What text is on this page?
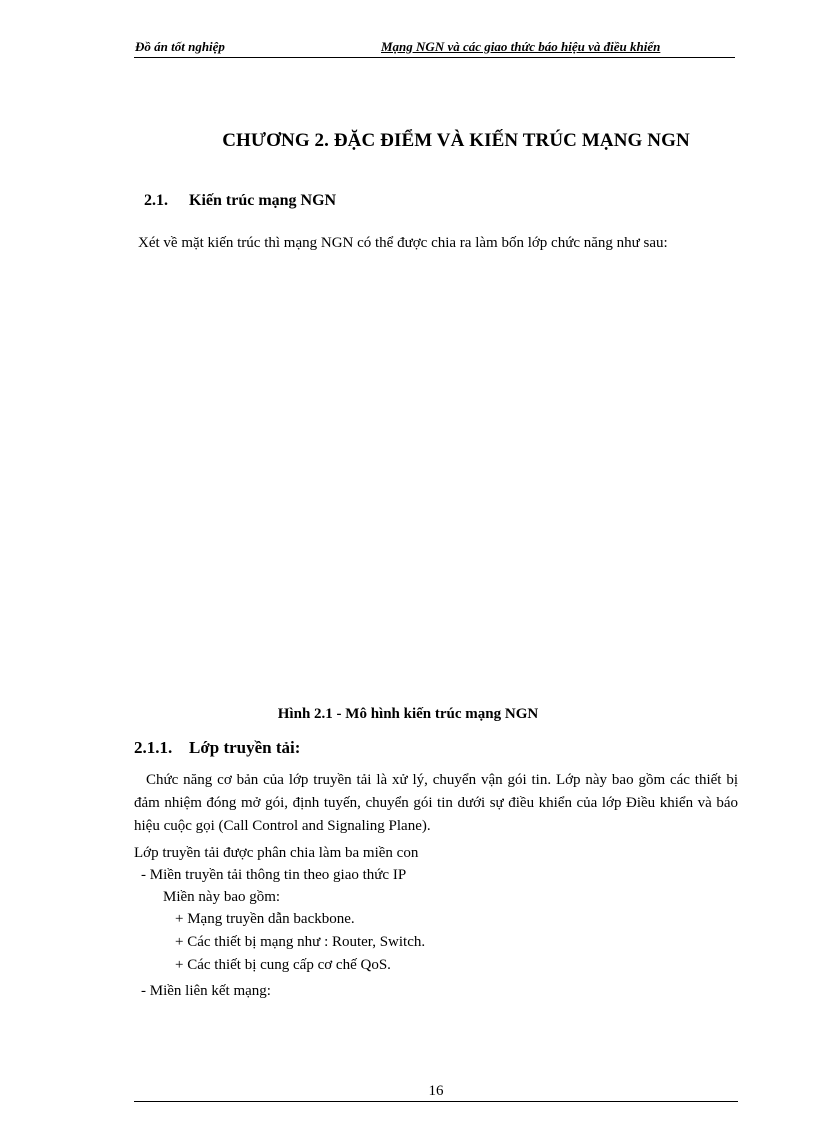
Đồ án tốt nghiệp	Mạng NGN và các giao thức báo hiệu và điều khiển
CHƯƠNG 2. ĐẶC ĐIỂM VÀ KIẾN TRÚC MẠNG NGN
2.1. Kiến trúc mạng NGN
Xét về mặt kiến trúc thì mạng NGN có thể được chia ra làm bốn lớp chức năng như sau:
Hình 2.1 - Mô hình kiến trúc mạng NGN
2.1.1. Lớp truyền tải:
Chức năng cơ bản của lớp truyền tải là xử lý, chuyển vận gói tin. Lớp này bao gồm các thiết bị đảm nhiệm đóng mở gói, định tuyến, chuyển gói tin dưới sự điều khiển của lớp Điều khiển và báo hiệu cuộc gọi (Call Control and Signaling Plane).
Lớp truyền tải được phân chia làm ba miền con
- Miền truyền tải thông tin theo giao thức IP
Miền này bao gồm:
+ Mạng truyền dẫn backbone.
+ Các thiết bị mạng như : Router, Switch.
+ Các thiết bị cung cấp cơ chế QoS.
- Miền liên kết mạng:
16
